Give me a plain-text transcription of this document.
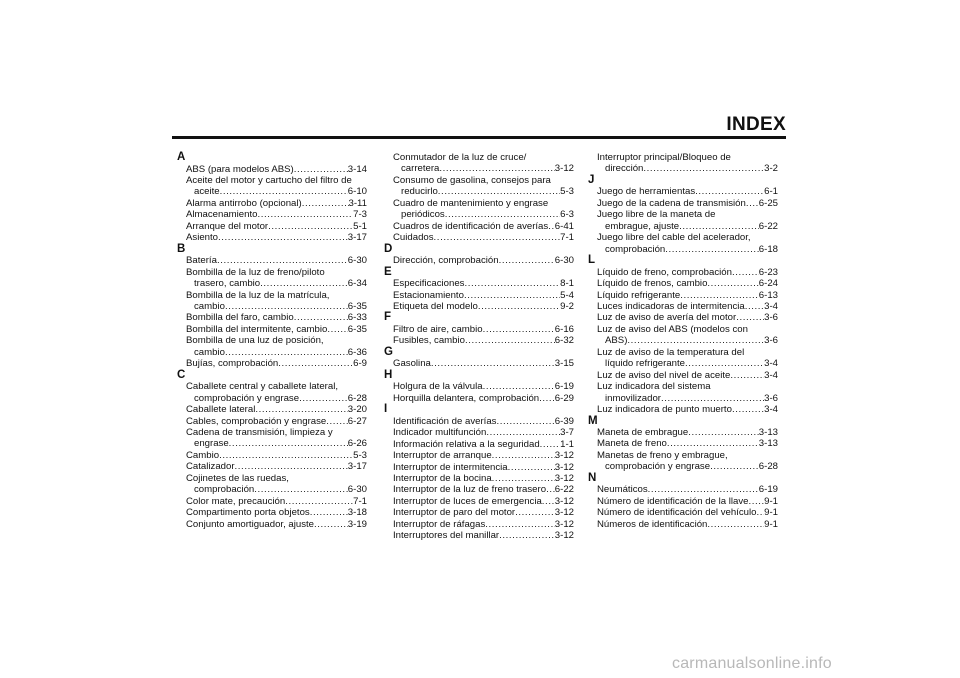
INDEX
A
ABS (para modelos ABS) .....	3-14
Aceite del motor y cartucho del filtro de
aceite .....	6-10
Alarma antirrobo (opcional) .....	3-11
Almacenamiento .....	7-3
Arranque del motor .....	5-1
Asiento .....	3-17
B
Batería .....	6-30
Bombilla de la luz de freno/piloto
trasero, cambio .....	6-34
Bombilla de la luz de la matrícula,
cambio .....	6-35
Bombilla del faro, cambio .....	6-33
Bombilla del intermitente, cambio ..... 6-35
Bombilla de una luz de posición,
cambio .....	6-36
Bujías, comprobación .....	6-9
C
Caballete central y caballete lateral,
comprobación y engrase .....	6-28
Caballete lateral .....	3-20
Cables, comprobación y engrase ..... 6-27
Cadena de transmisión, limpieza y
engrase .....	6-26
Cambio .....	5-3
Catalizador .....	3-17
Cojinetes de las ruedas,
comprobación .....	6-30
Color mate, precaución .....	7-1
Compartimento porta objetos .....	3-18
Conjunto amortiguador, ajuste .....	3-19
Conmutador de la luz de cruce/
carretera .....	3-12
Consumo de gasolina, consejos para
reducirlo .....	5-3
Cuadro de mantenimiento y engrase
periódicos .....	6-3
Cuadros de identificación de averías ..... 6-41
Cuidados .....	7-1
D
Dirección, comprobación .....	6-30
E
Especificaciones .....	8-1
Estacionamiento .....	5-4
Etiqueta del modelo .....	9-2
F
Filtro de aire, cambio .....	6-16
Fusibles, cambio .....	6-32
G
Gasolina .....	3-15
H
Holgura de la válvula .....	6-19
Horquilla delantera, comprobación ..... 6-29
I
Identificación de averías .....	6-39
Indicador multifunción .....	3-7
Información relativa a la seguridad ..... 1-1
Interruptor de arranque .....	3-12
Interruptor de intermitencia .....	3-12
Interruptor de la bocina .....	3-12
Interruptor de la luz de freno trasero ..... 6-22
Interruptor de luces de emergencia ..... 3-12
Interruptor de paro del motor .....	3-12
Interruptor de ráfagas .....	3-12
Interruptores del manillar .....	3-12
Interruptor principal/Bloqueo de
dirección .....	3-2
J
Juego de herramientas .....	6-1
Juego de la cadena de transmisión ..... 6-25
Juego libre de la maneta de
embrague, ajuste .....	6-22
Juego libre del cable del acelerador,
comprobación .....	6-18
L
Líquido de freno, comprobación .....	6-23
Líquido de frenos, cambio .....	6-24
Líquido refrigerante .....	6-13
Luces indicadoras de intermitencia ..... 3-4
Luz de aviso de avería del motor .....	3-6
Luz de aviso del ABS (modelos con
ABS) .....	3-6
Luz de aviso de la temperatura del
líquido refrigerante .....	3-4
Luz de aviso del nivel de aceite .....	3-4
Luz indicadora del sistema
inmovilizador .....	3-6
Luz indicadora de punto muerto .....	3-4
M
Maneta de embrague .....	3-13
Maneta de freno .....	3-13
Manetas de freno y embrague,
comprobación y engrase .....	6-28
N
Neumáticos .....	6-19
Número de identificación de la llave ..... 9-1
Número de identificación del vehículo ..... 9-1
Números de identificación .....	9-1
carmanualsonline.info
